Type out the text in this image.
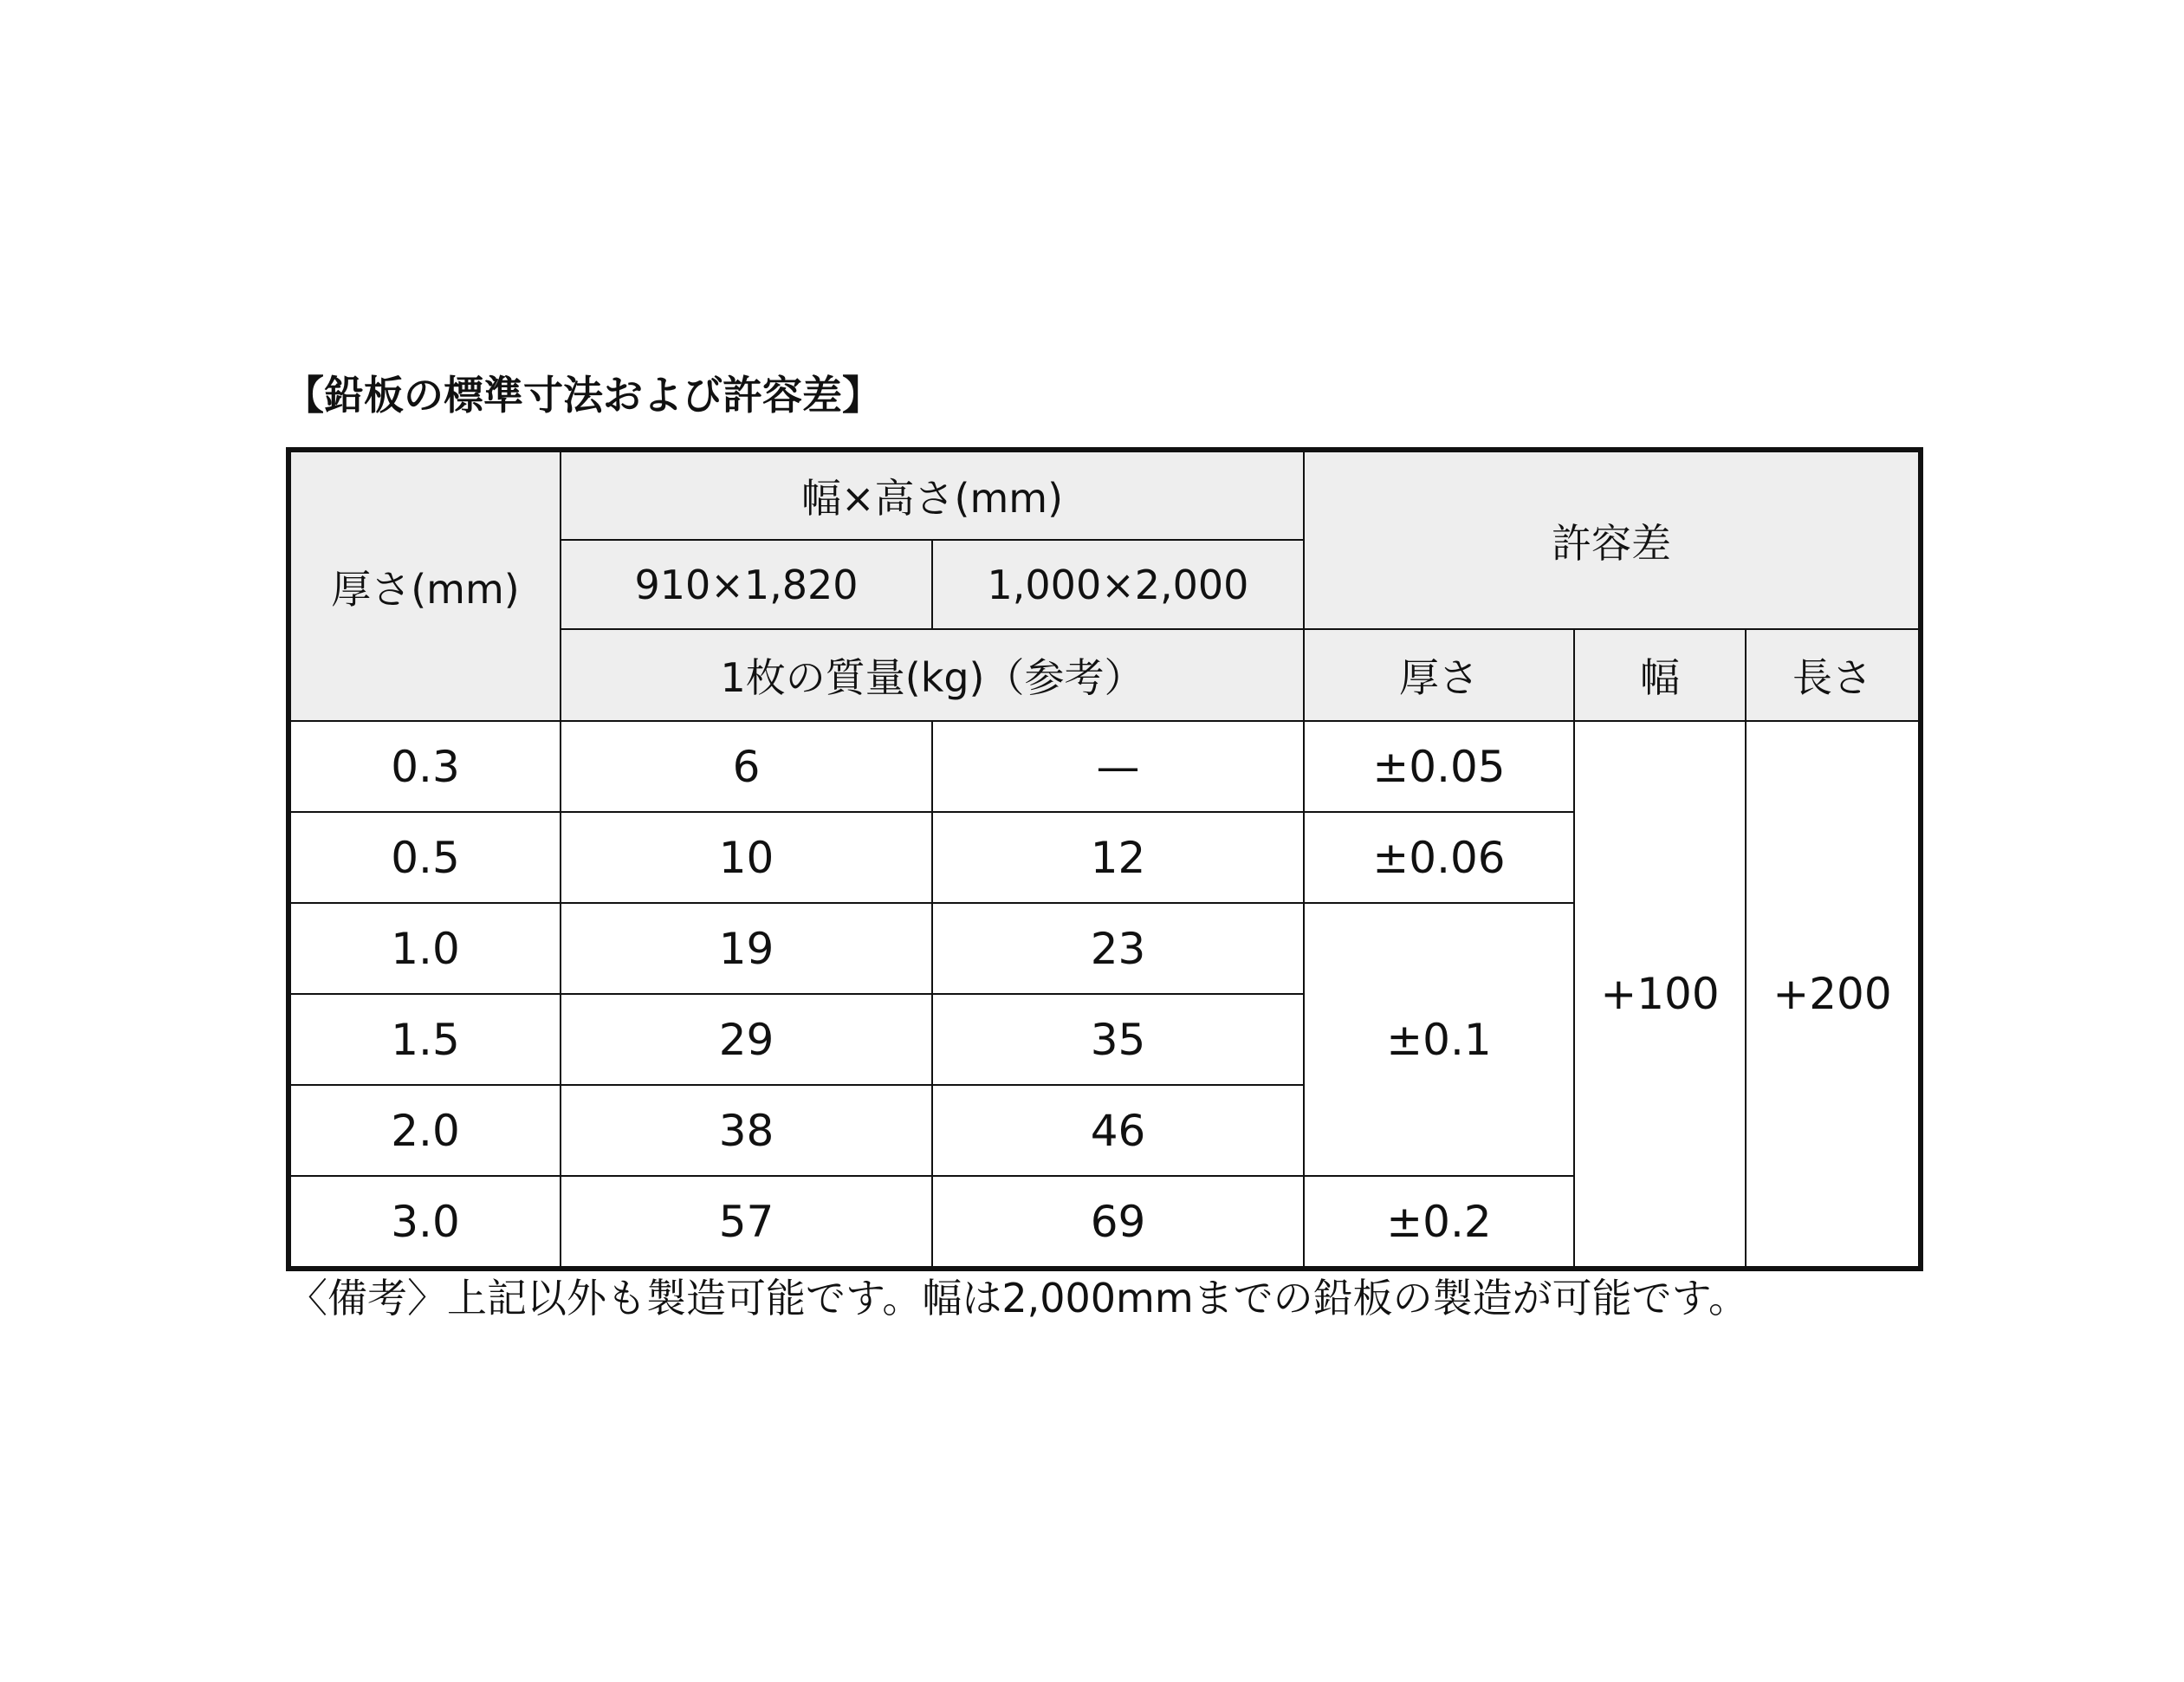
【鉛板の標準寸法および許容差】
厚さ(mm)	幅×高さ(mm)		許容差		
	910×1,820	1,000×2,000			
	1枚の質量(kg)（参考）		厚さ	幅	長さ
0.3	6	—	±0.05	+100	+200
0.5	10	12	±0.06		
1.0	19	23	±0.1		
1.5	29	35			
2.0	38	46			
3.0	57	69	±0.2		
〈備考〉上記以外も製造可能です。幅は2,000mmまでの鉛板の製造が可能です。
